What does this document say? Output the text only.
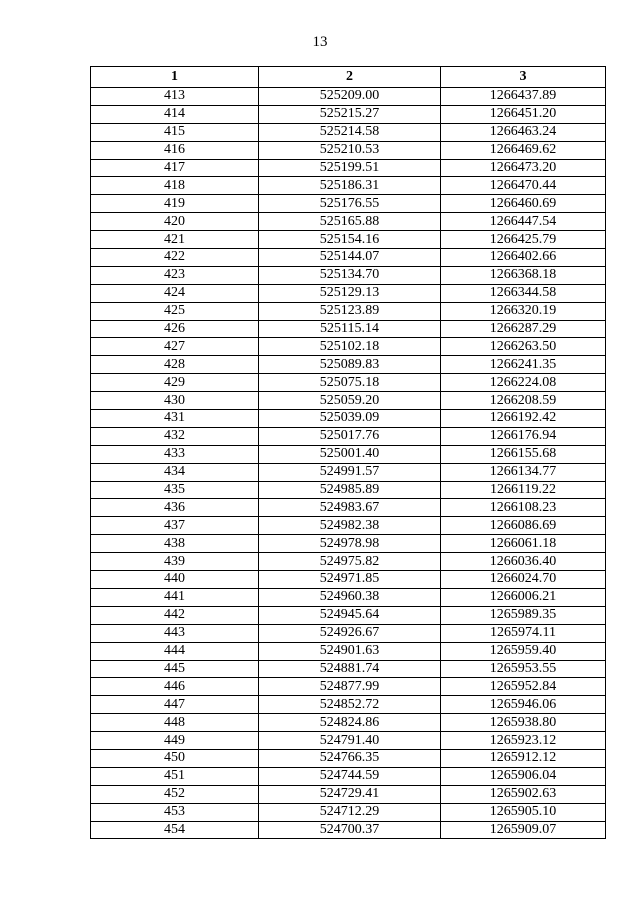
13
1	2	3
413	525209.00	1266437.89
414	525215.27	1266451.20
415	525214.58	1266463.24
416	525210.53	1266469.62
417	525199.51	1266473.20
418	525186.31	1266470.44
419	525176.55	1266460.69
420	525165.88	1266447.54
421	525154.16	1266425.79
422	525144.07	1266402.66
423	525134.70	1266368.18
424	525129.13	1266344.58
425	525123.89	1266320.19
426	525115.14	1266287.29
427	525102.18	1266263.50
428	525089.83	1266241.35
429	525075.18	1266224.08
430	525059.20	1266208.59
431	525039.09	1266192.42
432	525017.76	1266176.94
433	525001.40	1266155.68
434	524991.57	1266134.77
435	524985.89	1266119.22
436	524983.67	1266108.23
437	524982.38	1266086.69
438	524978.98	1266061.18
439	524975.82	1266036.40
440	524971.85	1266024.70
441	524960.38	1266006.21
442	524945.64	1265989.35
443	524926.67	1265974.11
444	524901.63	1265959.40
445	524881.74	1265953.55
446	524877.99	1265952.84
447	524852.72	1265946.06
448	524824.86	1265938.80
449	524791.40	1265923.12
450	524766.35	1265912.12
451	524744.59	1265906.04
452	524729.41	1265902.63
453	524712.29	1265905.10
454	524700.37	1265909.07
